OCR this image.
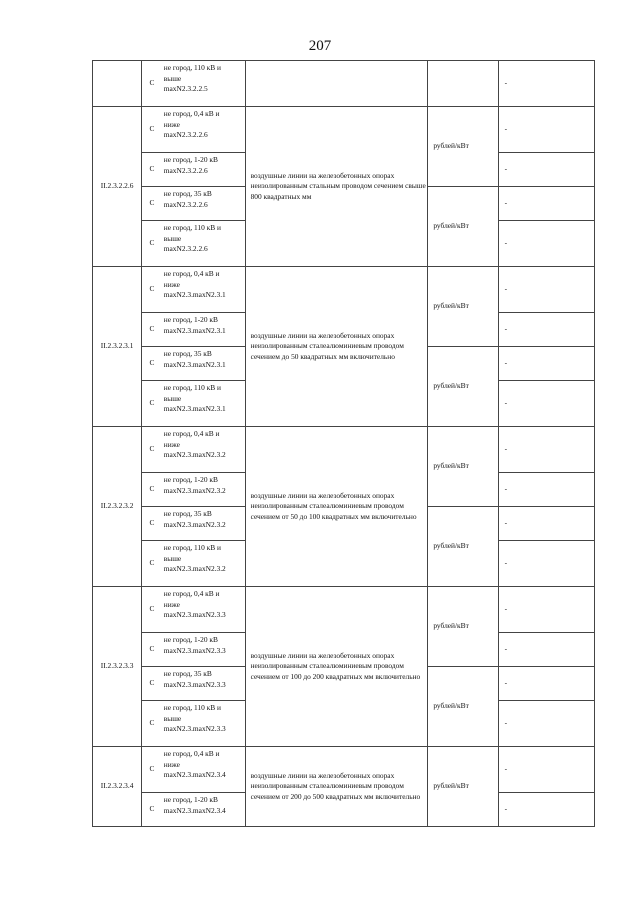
207
	С	не город, 110 кВ и
выше
maxN2.3.2.2.5			-
II.2.3.2.2.6	С	не город, 0,4 кВ и
ниже
maxN2.3.2.2.6	воздушные линии на железобетонных опорах неизолированным стальным проводом сечением свыше 800 квадратных мм	рублей/кВт	-
	С	не город, 1-20 кВ
maxN2.3.2.2.6			-
	С	не город, 35 кВ
maxN2.3.2.2.6		рублей/кВт	-
	С	не город, 110 кВ и
выше
maxN2.3.2.2.6			-
II.2.3.2.3.1	С	не город, 0,4 кВ и
ниже
maxN2.3.maxN2.3.1	воздушные линии на железобетонных опорах неизолированным сталеалюминиевым проводом сечением до 50 квадратных мм включительно	рублей/кВт	-
	С	не город, 1-20 кВ
maxN2.3.maxN2.3.1			-
	С	не город, 35 кВ
maxN2.3.maxN2.3.1		рублей/кВт	-
	С	не город, 110 кВ и
выше
maxN2.3.maxN2.3.1			-
II.2.3.2.3.2	С	не город, 0,4 кВ и
ниже
maxN2.3.maxN2.3.2	воздушные линии на железобетонных опорах неизолированным сталеалюминиевым проводом сечением от 50 до 100 квадратных мм включительно	рублей/кВт	-
	С	не город, 1-20 кВ
maxN2.3.maxN2.3.2			-
	С	не город, 35 кВ
maxN2.3.maxN2.3.2		рублей/кВт	-
	С	не город, 110 кВ и
выше
maxN2.3.maxN2.3.2			-
II.2.3.2.3.3	С	не город, 0,4 кВ и
ниже
maxN2.3.maxN2.3.3	воздушные линии на железобетонных опорах неизолированным сталеалюминиевым проводом сечением от 100 до 200 квадратных мм включительно	рублей/кВт	-
	С	не город, 1-20 кВ
maxN2.3.maxN2.3.3			-
	С	не город, 35 кВ
maxN2.3.maxN2.3.3		рублей/кВт	-
	С	не город, 110 кВ и
выше
maxN2.3.maxN2.3.3			-
II.2.3.2.3.4	С	не город, 0,4 кВ и
ниже
maxN2.3.maxN2.3.4	воздушные линии на железобетонных опорах неизолированным сталеалюминиевым проводом сечением от 200 до 500 квадратных мм включительно	рублей/кВт	-
	С	не город, 1-20 кВ
maxN2.3.maxN2.3.4			-
